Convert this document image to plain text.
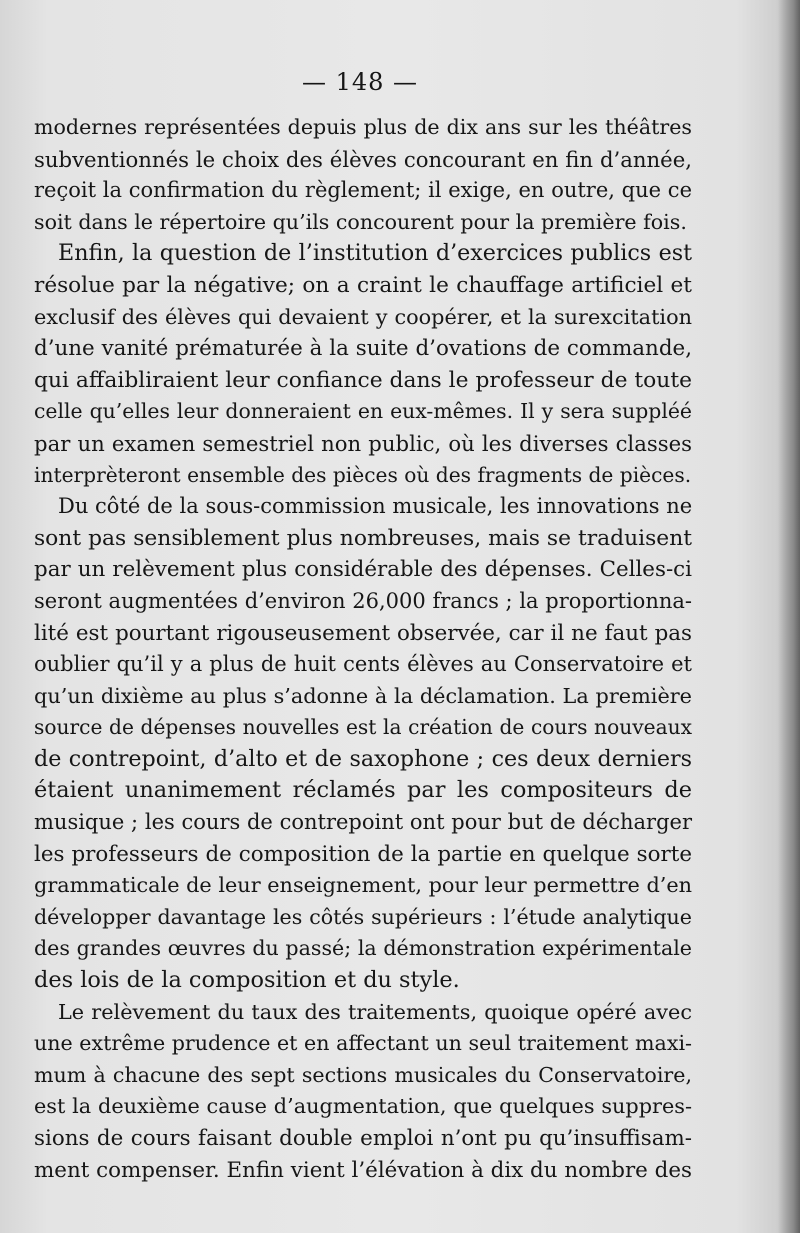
— 148 —
modernes représentées depuis plus de dix ans sur les théâtres
subventionnés le choix des élèves concourant en fin d’année,
reçoit la confirmation du règlement; il exige, en outre, que ce
soit dans le répertoire qu’ils concourent pour la première fois.
Enfin, la question de l’institution d’exercices publics est
résolue par la négative; on a craint le chauffage artificiel et
exclusif des élèves qui devaient y coopérer, et la surexcitation
d’une vanité prématurée à la suite d’ovations de commande,
qui affaibliraient leur confiance dans le professeur de toute
celle qu’elles leur donneraient en eux-mêmes. Il y sera suppléé
par un examen semestriel non public, où les diverses classes
interprèteront ensemble des pièces où des fragments de pièces.
Du côté de la sous-commission musicale, les innovations ne
sont pas sensiblement plus nombreuses, mais se traduisent
par un relèvement plus considérable des dépenses. Celles-ci
seront augmentées d’environ 26,000 francs ; la proportionna-
lité est pourtant rigouseusement observée, car il ne faut pas
oublier qu’il y a plus de huit cents élèves au Conservatoire et
qu’un dixième au plus s’adonne à la déclamation. La première
source de dépenses nouvelles est la création de cours nouveaux
de contrepoint, d’alto et de saxophone ; ces deux derniers
étaient unanimement réclamés par les compositeurs de
musique ; les cours de contrepoint ont pour but de décharger
les professeurs de composition de la partie en quelque sorte
grammaticale de leur enseignement, pour leur permettre d’en
développer davantage les côtés supérieurs : l’étude analytique
des grandes œuvres du passé; la démonstration expérimentale
des lois de la composition et du style.
Le relèvement du taux des traitements, quoique opéré avec
une extrême prudence et en affectant un seul traitement maxi-
mum à chacune des sept sections musicales du Conservatoire,
est la deuxième cause d’augmentation, que quelques suppres-
sions de cours faisant double emploi n’ont pu qu’insuffisam-
ment compenser. Enfin vient l’élévation à dix du nombre des
